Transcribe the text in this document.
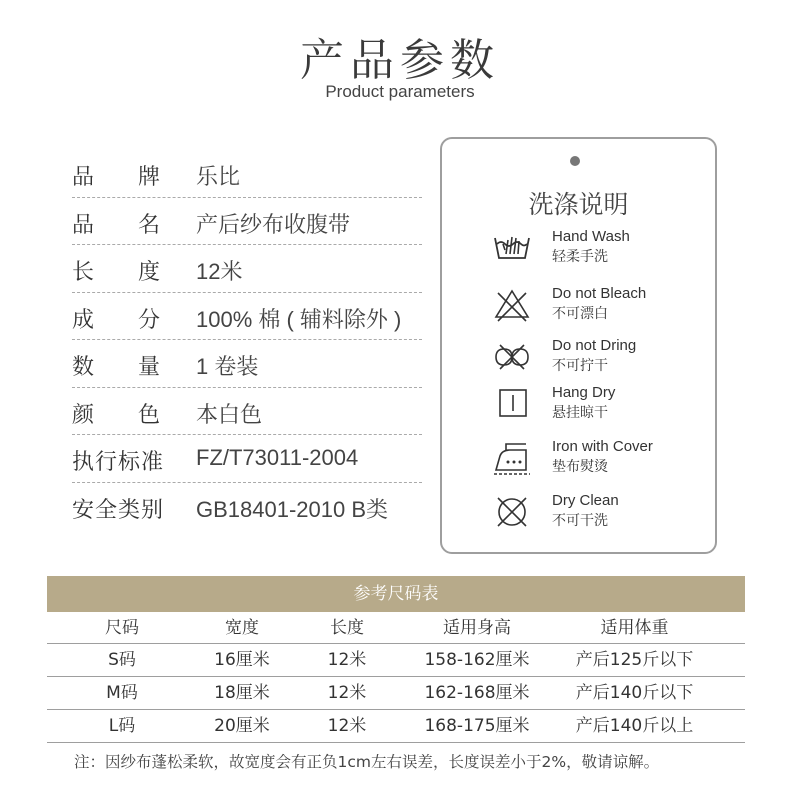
产品参数
Product parameters
品　　牌	乐比
品　　名	产后纱布收腹带
长　　度	12米
成　　分	100% 棉 ( 辅料除外 )
数　　量	1 卷装
颜　　色	本白色
执行标准	FZ/T73011-2004
安全类别	GB18401-2010 B类
洗涤说明
Hand Wash
轻柔手洗
Do not Bleach
不可漂白
Do not Dring
不可拧干
Hang Dry
悬挂晾干
Iron with Cover
垫布熨烫
Dry Clean
不可干洗
参考尺码表
尺码	宽度	长度	适用身高	适用体重
S码	16厘米	12米	158-162厘米	产后125斤以下
M码	18厘米	12米	162-168厘米	产后140斤以下
L码	20厘米	12米	168-175厘米	产后140斤以上
注：因纱布蓬松柔软，故宽度会有正负1cm左右误差，长度误差小于2%，敬请谅解。
